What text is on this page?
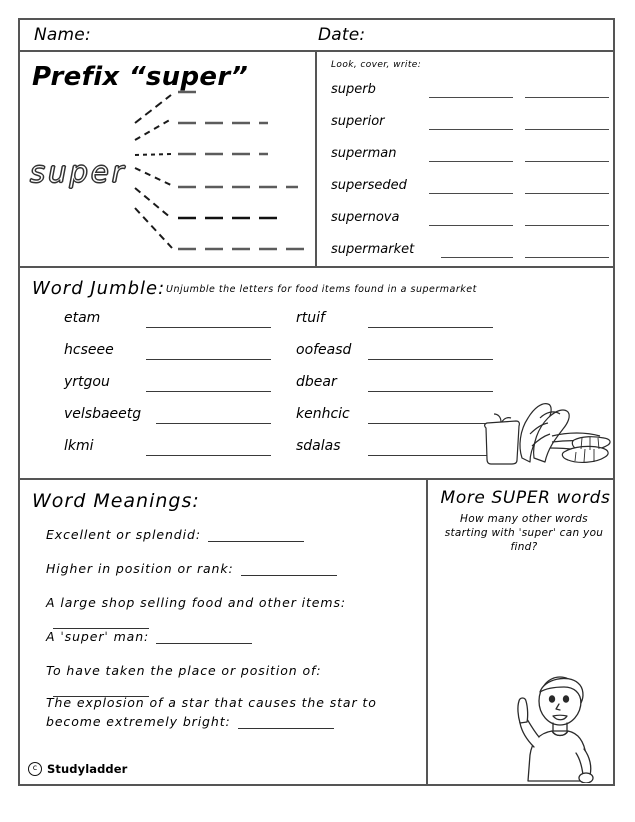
Name:	Date:
Prefix “super”
super
Look, cover, write:
superb
superior
superman
superseded
supernova
supermarket
Word Jumble: Unjumble the letters for food items found in a supermarket
etam
hcseee
yrtgou
velsbaeetg
lkmi
rtuif
oofeasd
dbear
kenhcic
sdalas
Word Meanings:
Excellent or splendid:
Higher in position or rank:
A large shop selling food and other items:
A ˈsuperˈ man:
To have taken the place or position of:
The explosion of a star that causes the star to become extremely bright:
More SUPER words
How many other words starting with ˈsuperˈ can you find?
c Studyladder
